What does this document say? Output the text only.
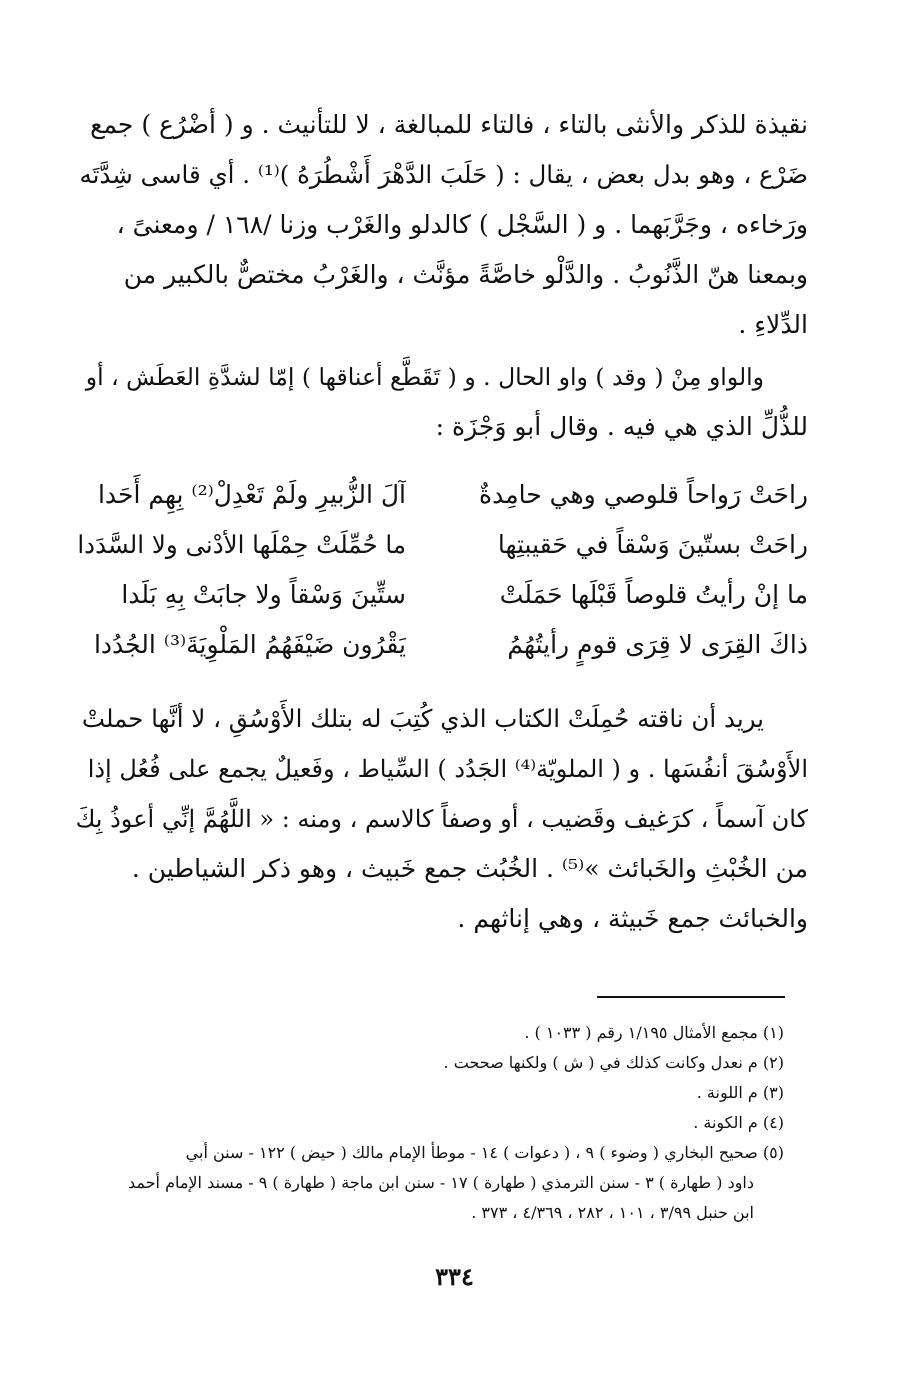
نقيذة للذكر والأنثى بالتاء ، فالتاء للمبالغة ، لا للتأنيث . و ( أضْرُع ) جمع
ضَرْع ، وهو بدل بعض ، يقال : ( حَلَبَ الدَّهْرَ أَشْطُرَهُ )⁽¹⁾ . أي قاسى شِدَّتَه
ورَخاءه ، وجَرَّبَهما . و ( السَّجْل ) كالدلو والغَرْب وزنا /١٦٨ / ومعنىً ،
وبمعنا هنّ الذَّنُوبُ . والدَّلْو خاصَّةً مؤنَّث ، والغَرْبُ مختصٌّ بالكبير من
الدِّلاءِ .
والواو مِنْ ( وقد ) واو الحال . و ( تَقَطَّع أعناقها ) إمّا لشدَّةِ العَطَش ، أو
للذُّلِّ الذي هي فيه . وقال أبو وَجْزَة :
راحَتْ رَواحاً قلوصي وهي حامِدةٌ
آلَ الزُّبيرِ ولَمْ تَعْدِلْ⁽²⁾ بِهِم أَحَدا
راحَتْ بستّينَ وَسْقاً في حَقيبتِها
ما حُمِّلَتْ حِمْلَها الأدْنى ولا السَّدَدا
ما إنْ رأيتُ قلوصاً قَبْلَها حَمَلَتْ
ستِّينَ وَسْقاً ولا جابَتْ بِهِ بَلَدا
ذاكَ القِرَى لا قِرَى قومٍ رأيتُهُمُ
يَقْرُون ضَيْفَهُمُ المَلْوِيَةَ⁽³⁾ الجُدُدا
يريد أن ناقته حُمِلَتْ الكتاب الذي كُتِبَ له بتلك الأَوْسُقِ ، لا أنَّها حملتْ
الأَوْسُقَ أنفُسَها . و ( الملويّة⁽⁴⁾ الجَدُد ) السِّياط ، وفَعيلٌ يجمع على فُعُل إذا
كان آسماً ، كرَغيف وقَضيب ، أو وصفاً كالاسم ، ومنه : « اللَّهُمَّ إنِّي أعوذُ بِكَ
من الخُبْثِ والخَبائث »⁽⁵⁾ . الخُبُث جمع خَبيث ، وهو ذكر الشياطين .
والخبائث جمع خَبيثة ، وهي إناثهم .
(١) مجمع الأمثال ١/١٩٥ رقم ( ١٠٣٣ ) .
(٢) م نعدل وكانت كذلك في ( ش ) ولكنها صححت .
(٣) م اللونة .
(٤) م الكونة .
(٥) صحيح البخاري ( وضوء ) ٩ ، ( دعوات ) ١٤ - موطأ الإمام مالك ( حيض ) ١٢٢ - سنن أبي
داود ( طهارة ) ٣ - سنن الترمذي ( طهارة ) ١٧ - سنن ابن ماجة ( طهارة ) ٩ - مسند الإمام أحمد
ابن حنبل ٣/٩٩ ، ١٠١ ، ٢٨٢ ، ٤/٣٦٩ ، ٣٧٣ .
٣٣٤
